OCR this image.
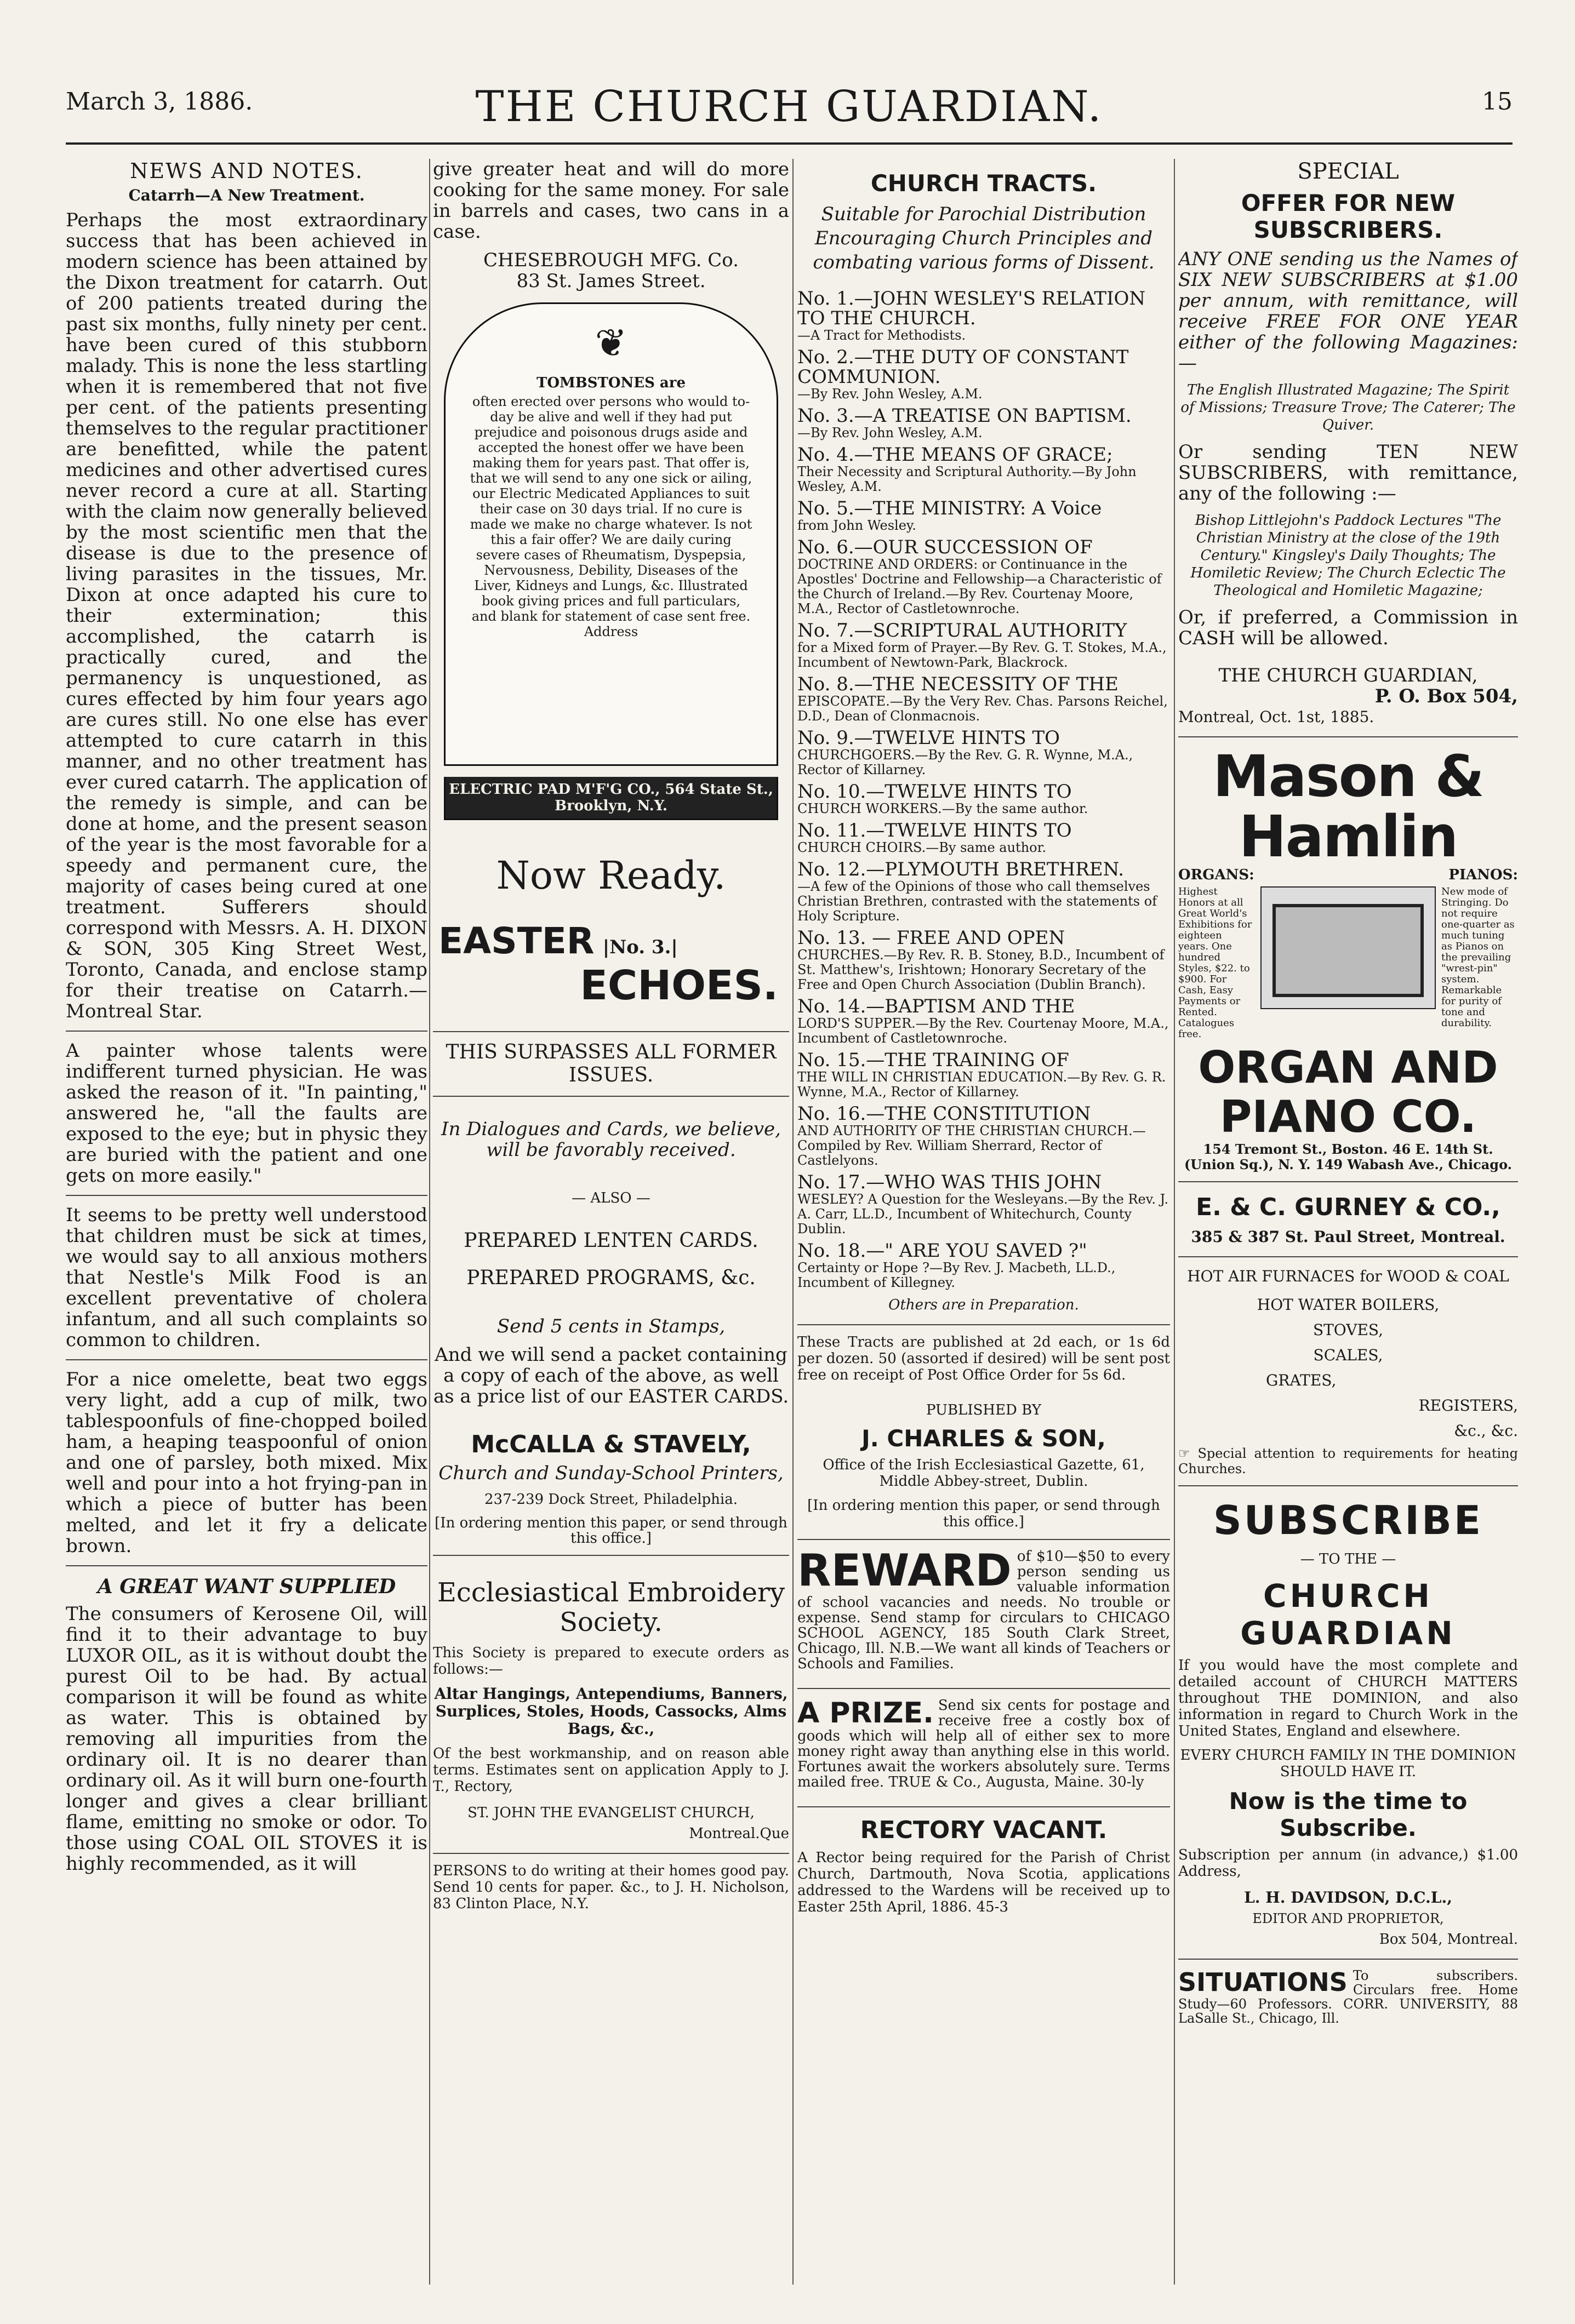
March 3, 1886.	THE CHURCH GUARDIAN.	15
NEWS AND NOTES.
Catarrh—A New Treatment.

Perhaps the most extraordinary success that has been achieved in modern science has been attained by the Dixon treatment for catarrh. Out of 200 patients treated during the past six months, fully ninety per cent. have been cured of this stubborn malady. This is none the less startling when it is remembered that not five per cent. of the patients presenting themselves to the regular practitioner are benefitted, while the patent medicines and other advertised cures never record a cure at all. Starting with the claim now generally believed by the most scientific men that the disease is due to the presence of living parasites in the tissues, Mr. Dixon at once adapted his cure to their extermination; this accomplished, the catarrh is practically cured, and the permanency is unquestioned, as cures effected by him four years ago are cures still. No one else has ever attempted to cure catarrh in this manner, and no other treatment has ever cured catarrh. The application of the remedy is simple, and can be done at home, and the present season of the year is the most favorable for a speedy and permanent cure, the majority of cases being cured at one treatment. Sufferers should correspond with Messrs. A. H. DIXON & SON, 305 King Street West, Toronto, Canada, and enclose stamp for their treatise on Catarrh.—Montreal Star.

A painter whose talents were indifferent turned physician. He was asked the reason of it. "In painting," answered he, "all the faults are exposed to the eye; but in physic they are buried with the patient and one gets on more easily."

It seems to be pretty well understood that children must be sick at times, we would say to all anxious mothers that Nestle's Milk Food is an excellent preventative of cholera infantum, and all such complaints so common to children.

For a nice omelette, beat two eggs very light, add a cup of milk, two tablespoonfuls of fine-chopped boiled ham, a heaping teaspoonful of onion and one of parsley, both mixed. Mix well and pour into a hot frying-pan in which a piece of butter has been melted, and let it fry a delicate brown.

A GREAT WANT SUPPLIED

The consumers of Kerosene Oil, will find it to their advantage to buy LUXOR OIL, as it is without doubt the purest Oil to be had. By actual comparison it will be found as white as water. This is obtained by removing all impurities from the ordinary oil. It is no dearer than ordinary oil. As it will burn one-fourth longer and gives a clear brilliant flame, emitting no smoke or odor. To those using COAL OIL STOVES it is highly recommended, as it will

give greater heat and will do more cooking for the same money. For sale in barrels and cases, two cans in a case.

CHESEBROUGH MFG. Co.

83 St. James Street.

❦

TOMBSTONES are

often erected over persons who would to-day be alive and well if they had put prejudice and poisonous drugs aside and accepted the honest offer we have been making them for years past. That offer is, that we will send to any one sick or ailing, our Electric Medicated Appliances to suit their case on 30 days trial. If no cure is made we make no charge whatever. Is not this a fair offer? We are daily curing severe cases of Rheumatism, Dyspepsia, Nervousness, Debility, Diseases of the Liver, Kidneys and Lungs, &c. Illustrated book giving prices and full particulars, and blank for statement of case sent free. Address

ELECTRIC PAD M'F'G CO., 564 State St., Brooklyn, N.Y.
Now Ready.
EASTER |No. 3.|
ECHOES.

THIS SURPASSES ALL FORMER ISSUES.

In Dialogues and Cards, we believe, will be favorably received.

— ALSO —

PREPARED LENTEN CARDS.

PREPARED PROGRAMS, &c.

Send 5 cents in Stamps,

And we will send a packet containing a copy of each of the above, as well as a price list of our EASTER CARDS.

McCALLA & STAVELY,

Church and Sunday-School Printers,

237-239 Dock Street, Philadelphia.

[In ordering mention this paper, or send through this office.]

Ecclesiastical Embroidery Society.

This Society is prepared to execute orders as follows:—

Altar Hangings, Antependiums, Banners, Surplices, Stoles, Hoods, Cassocks, Alms Bags, &c.,

Of the best workmanship, and on reason able terms. Estimates sent on application Apply to J. T., Rectory,

ST. JOHN THE EVANGELIST CHURCH,

Montreal.Que

PERSONS to do writing at their homes good pay. Send 10 cents for paper. &c., to J. H. Nicholson, 83 Clinton Place, N.Y.

CHURCH TRACTS.

Suitable for Parochial Distribution Encouraging Church Principles and combating various forms of Dissent.

No. 1.—JOHN WESLEY'S RELATION TO THE CHURCH.
—A Tract for Methodists.
No. 2.—THE DUTY OF CONSTANT COMMUNION.
—By Rev. John Wesley, A.M.
No. 3.—A TREATISE ON BAPTISM.
—By Rev. John Wesley, A.M.
No. 4.—THE MEANS OF GRACE;
Their Necessity and Scriptural Authority.—By John Wesley, A.M.
No. 5.—THE MINISTRY: A Voice
from John Wesley.
No. 6.—OUR SUCCESSION OF
DOCTRINE AND ORDERS: or Continuance in the Apostles' Doctrine and Fellowship—a Characteristic of the Church of Ireland.—By Rev. Courtenay Moore, M.A., Rector of Castletownroche.
No. 7.—SCRIPTURAL AUTHORITY
for a Mixed form of Prayer.—By Rev. G. T. Stokes, M.A., Incumbent of Newtown-Park, Blackrock.
No. 8.—THE NECESSITY OF THE
EPISCOPATE.—By the Very Rev. Chas. Parsons Reichel, D.D., Dean of Clonmacnois.
No. 9.—TWELVE HINTS TO
CHURCHGOERS.—By the Rev. G. R. Wynne, M.A., Rector of Killarney.
No. 10.—TWELVE HINTS TO
CHURCH WORKERS.—By the same author.
No. 11.—TWELVE HINTS TO
CHURCH CHOIRS.—By same author.
No. 12.—PLYMOUTH BRETHREN.
—A few of the Opinions of those who call themselves Christian Brethren, contrasted with the statements of Holy Scripture.
No. 13. — FREE AND OPEN
CHURCHES.—By Rev. R. B. Stoney, B.D., Incumbent of St. Matthew's, Irishtown; Honorary Secretary of the Free and Open Church Association (Dublin Branch).
No. 14.—BAPTISM AND THE
LORD'S SUPPER.—By the Rev. Courtenay Moore, M.A., Incumbent of Castletownroche.
No. 15.—THE TRAINING OF
THE WILL IN CHRISTIAN EDUCATION.—By Rev. G. R. Wynne, M.A., Rector of Killarney.
No. 16.—THE CONSTITUTION
AND AUTHORITY OF THE CHRISTIAN CHURCH.—Compiled by Rev. William Sherrard, Rector of Castlelyons.
No. 17.—WHO WAS THIS JOHN
WESLEY? A Question for the Wesleyans.—By the Rev. J. A. Carr, LL.D., Incumbent of Whitechurch, County Dublin.
No. 18.—" ARE YOU SAVED ?"
Certainty or Hope ?—By Rev. J. Macbeth, LL.D., Incumbent of Killegney.

Others are in Preparation.

These Tracts are published at 2d each, or 1s 6d per dozen. 50 (assorted if desired) will be sent post free on receipt of Post Office Order for 5s 6d.

PUBLISHED BY

J. CHARLES & SON,

Office of the Irish Ecclesiastical Gazette, 61, Middle Abbey-street, Dublin.

[In ordering mention this paper, or send through this office.]

REWARD of $10—$50 to every person sending us valuable information of school vacancies and needs. No trouble or expense. Send stamp for circulars to CHICAGO SCHOOL AGENCY, 185 South Clark Street, Chicago, Ill. N.B.—We want all kinds of Teachers or Schools and Families.

A PRIZE. Send six cents for postage and receive free a costly box of goods which will help all of either sex to more money right away than anything else in this world. Fortunes await the workers absolutely sure. Terms mailed free. TRUE & Co., Augusta, Maine. 30-ly

RECTORY VACANT.

A Rector being required for the Parish of Christ Church, Dartmouth, Nova Scotia, applications addressed to the Wardens will be received up to Easter 25th April, 1886. 45-3

SPECIAL
OFFER FOR NEW SUBSCRIBERS.

ANY ONE sending us the Names of SIX NEW SUBSCRIBERS at $1.00 per annum, with remittance, will receive FREE FOR ONE YEAR either of the following Magazines:—

The English Illustrated Magazine; The Spirit of Missions; Treasure Trove; The Caterer; The Quiver.

Or sending TEN NEW SUBSCRIBERS, with remittance, any of the following :—

Bishop Littlejohn's Paddock Lectures "The Christian Ministry at the close of the 19th Century." Kingsley's Daily Thoughts; The Homiletic Review; The Church Eclectic The Theological and Homiletic Magazine;

Or, if preferred, a Commission in CASH will be allowed.

THE CHURCH GUARDIAN,

P. O. Box 504,

Montreal, Oct. 1st, 1885.

Mason & Hamlin
ORGANS:	PIANOS:
Highest Honors at all Great World's Exhibitions for eighteen years. One hundred Styles, $22. to $900. For Cash, Easy Payments or Rented. Catalogues free.
New mode of Stringing. Do not require one-quarter as much tuning as Pianos on the prevailing "wrest-pin" system. Remarkable for purity of tone and durability.
ORGAN AND PIANO CO.

154 Tremont St., Boston. 46 E. 14th St. (Union Sq.), N. Y. 149 Wabash Ave., Chicago.

E. & C. GURNEY & CO.,

385 & 387 St. Paul Street, Montreal.

HOT AIR FURNACES for WOOD & COAL

HOT WATER BOILERS,

STOVES,

SCALES,

GRATES,

REGISTERS,

&c., &c.

☞ Special attention to requirements for heating Churches.

SUBSCRIBE

— TO THE —

CHURCH GUARDIAN

If you would have the most complete and detailed account of CHURCH MATTERS throughout THE DOMINION, and also information in regard to Church Work in the United States, England and elsewhere.

EVERY CHURCH FAMILY IN THE DOMINION SHOULD HAVE IT.

Now is the time to Subscribe.

Subscription per annum (in advance,) $1.00 Address,

L. H. DAVIDSON, D.C.L.,

EDITOR AND PROPRIETOR,

Box 504, Montreal.

SITUATIONS To subscribers. Circulars free. Home Study—60 Professors. CORR. UNIVERSITY, 88 LaSalle St., Chicago, Ill.
